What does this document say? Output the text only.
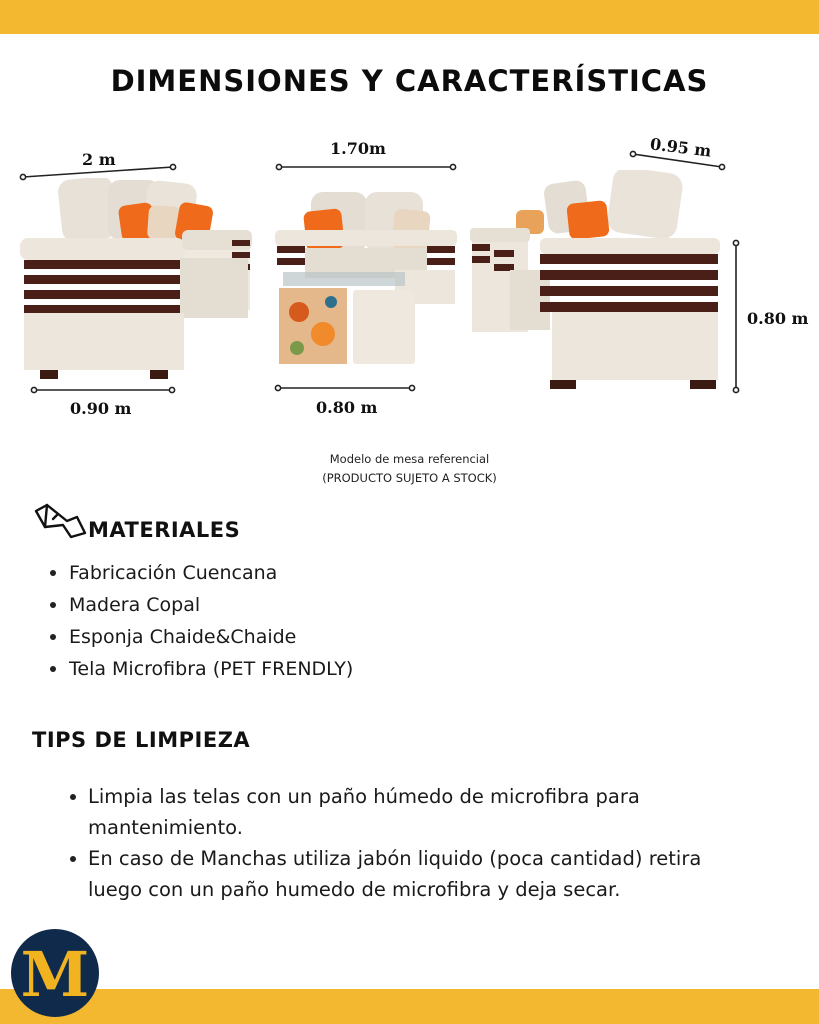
DIMENSIONES Y CARACTERÍSTICAS
2 m
0.90 m
1.70m
0.80 m
0.95 m
0.80 m
Modelo de mesa referencial
(PRODUCTO SUJETO A STOCK)
MATERIALES
Fabricación Cuencana
Madera Copal
Esponja Chaide&Chaide
Tela Microfibra (PET FRENDLY)
TIPS DE LIMPIEZA
Limpia las telas con un paño húmedo de microfibra para mantenimiento.
En caso de Manchas utiliza jabón liquido (poca cantidad) retira luego con un paño humedo de microfibra y deja secar.
M
